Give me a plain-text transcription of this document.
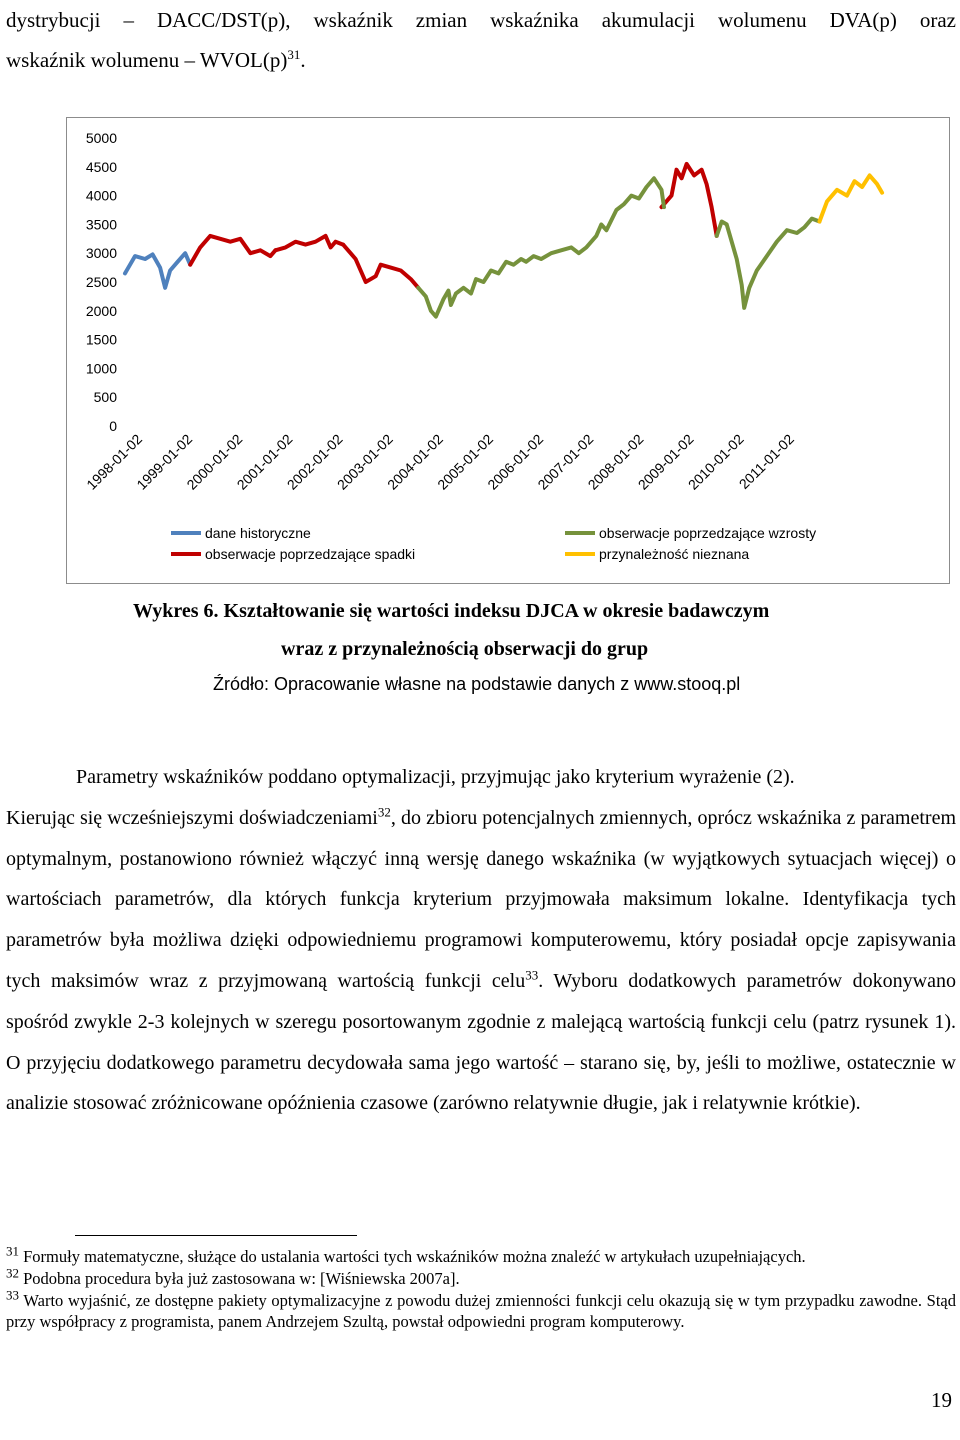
dystrybucji – DACC/DST(p), wskaźnik zmian wskaźnika akumulacji wolumenu DVA(p) oraz

wskaźnik wolumenu – $WVOL(p)^{31}$.

0
500
1000
1500
2000
2500
3000
3500
4000
4500
5000
1998-01-02
1999-01-02
2000-01-02
2001-01-02
2002-01-02
2003-01-02
2004-01-02
2005-01-02
2006-01-02
2007-01-02
2008-01-02
2009-01-02
2010-01-02
2011-01-02
dane historyczne
obserwacje poprzedzające spadki
obserwacje poprzedzające wzrosty
przynależność nieznana
Wykres 6. Kształtowanie się wartości indeksu DJCA w okresie badawczym
wraz z przynależnością obserwacji do grup
Źródło: Opracowanie własne na podstawie danych z www.stooq.pl

Parametry wskaźników poddano optymalizacji, przyjmując jako kryterium wyrażenie (2).

Kierując się wcześniejszymi doświadczeniami$^{32}$, do zbioru potencjalnych zmiennych, oprócz wskaźnika z parametrem optymalnym, postanowiono również włączyć inną wersję danego wskaźnika (w wyjątkowych sytuacjach więcej) o wartościach parametrów, dla których funkcja kryterium przyjmowała maksimum lokalne. Identyfikacja tych parametrów była możliwa dzięki odpowiedniemu programowi komputerowemu, który posiadał opcje zapisywania tych maksimów wraz z przyjmowaną wartością funkcji celu$^{33}$. Wyboru dodatkowych parametrów dokonywano spośród zwykle 2-3 kolejnych w szeregu posortowanym zgodnie z malejącą wartością funkcji celu (patrz rysunek 1). O przyjęciu dodatkowego parametru decydowała sama jego wartość – starano się, by, jeśli to możliwe, ostatecznie w analizie stosować zróżnicowane opóźnienia czasowe (zarówno relatywnie długie, jak i relatywnie krótkie).

$^{31}$ Formuły matematyczne, służące do ustalania wartości tych wskaźników można znaleźć w artykułach uzupełniających.

$^{32}$ Podobna procedura była już zastosowana w: [Wiśniewska 2007a].

$^{33}$ Warto wyjaśnić, ze dostępne pakiety optymalizacyjne z powodu dużej zmienności funkcji celu okazują się w tym przypadku zawodne. Stąd przy współpracy z programista, panem Andrzejem Szultą, powstał odpowiedni program komputerowy.

19
